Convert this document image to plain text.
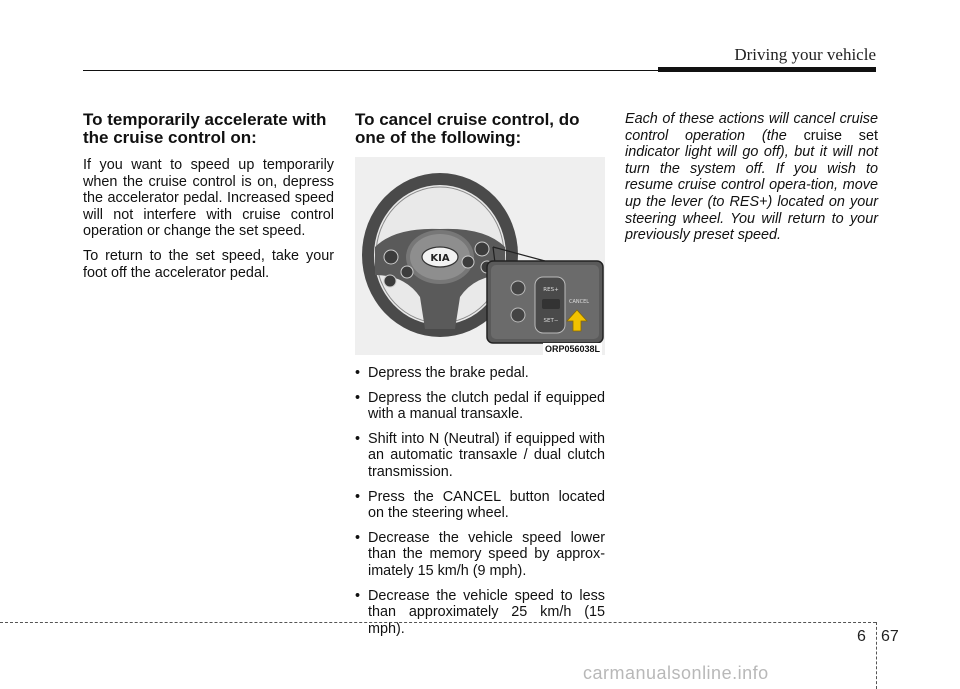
Driving your vehicle
To temporarily accelerate with the cruise control on:

If you want to speed up temporarily when the cruise control is on, depress the accelerator pedal. Increased speed will not interfere with cruise control operation or change the set speed.

To return to the set speed, take your foot off the accelerator pedal.

To cancel cruise control, do one of the following:
KIA
RES+
SET−
CANCEL
ORP056038L
• Depress the brake pedal.
• Depress the clutch pedal if equipped with a manual transaxle.
• Shift into N (Neutral) if equipped with an automatic transaxle / dual clutch transmission.
• Press the CANCEL button located on the steering wheel.
• Decrease the vehicle speed lower than the memory speed by approx-imately 15 km/h (9 mph).
• Decrease the vehicle speed to less than approximately 25 km/h (15 mph).

Each of these actions will cancel cruise control operation (the cruise set indicator light will go off), but it will not turn the system off. If you wish to resume cruise control opera-tion, move up the lever (to RES+) located on your steering wheel. You will return to your previously preset speed.

6 67
carmanualsonline.info
